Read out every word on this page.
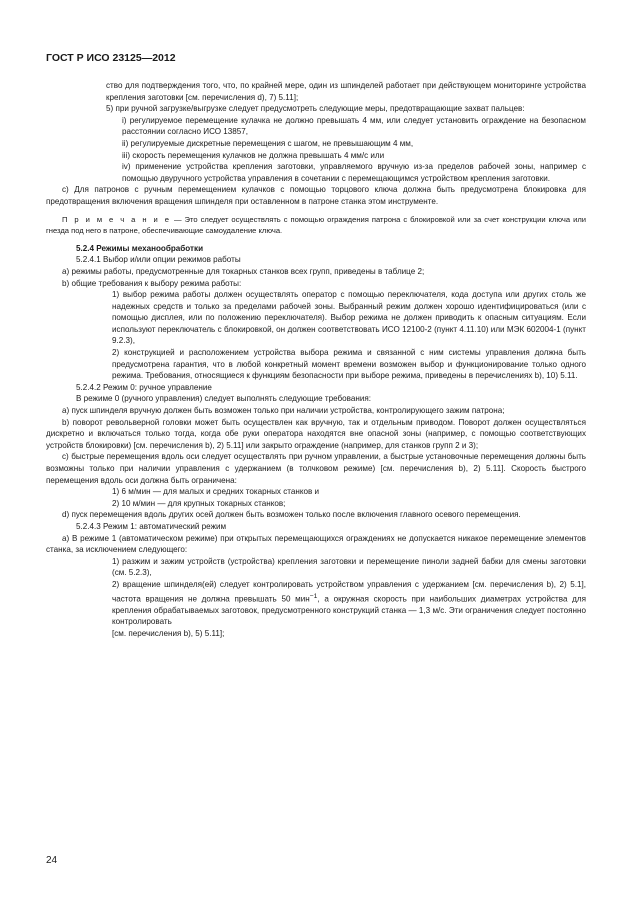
ГОСТ Р ИСО 23125—2012

ство для подтверждения того, что, по крайней мере, один из шпинделей работает при действующем мониторинге устройства крепления заготовки [см. перечисления d), 7) 5.11];

5) при ручной загрузке/выгрузке следует предусмотреть следующие меры, предотвращающие захват пальцев:

i) регулируемое перемещение кулачка не должно превышать 4 мм, или следует установить ограждение на безопасном расстоянии согласно ИСО 13857,

ii) регулируемые дискретные перемещения с шагом, не превышающим 4 мм,

iii) скорость перемещения кулачков не должна превышать 4 мм/с или

iv) применение устройства крепления заготовки, управляемого вручную из-за пределов рабочей зоны, например с помощью двуручного устройства управления в сочетании с перемещающимся устройством крепления заготовки.

c) Для патронов с ручным перемещением кулачков с помощью торцового ключа должна быть предусмотрена блокировка для предотвращения включения вращения шпинделя при оставленном в патроне станка этом инструменте.

П р и м е ч а н и е — Это следует осуществлять с помощью ограждения патрона с блокировкой или за счет конструкции ключа или гнезда под него в патроне, обеспечивающие самоудаление ключа.

5.2.4 Режимы механообработки

5.2.4.1 Выбор и/или опции режимов работы

a) режимы работы, предусмотренные для токарных станков всех групп, приведены в таблице 2;

b) общие требования к выбору режима работы:

1) выбор режима работы должен осуществлять оператор с помощью переключателя, кода доступа или других столь же надежных средств и только за пределами рабочей зоны. Выбранный режим должен хорошо идентифицироваться (или с помощью дисплея, или по положению переключателя). Выбор режима не должен приводить к опасным ситуациям. Если используют переключатель с блокировкой, он должен соответствовать ИСО 12100-2 (пункт 4.11.10) или МЭК 602004-1 (пункт 9.2.3),

2) конструкцией и расположением устройства выбора режима и связанной с ним системы управления должна быть предусмотрена гарантия, что в любой конкретный момент времени возможен выбор и функционирование только одного режима. Требования, относящиеся к функциям безопасности при выборе режима, приведены в перечислениях b), 10) 5.11.

5.2.4.2 Режим 0: ручное управление

В режиме 0 (ручного управления) следует выполнять следующие требования:

a) пуск шпинделя вручную должен быть возможен только при наличии устройства, контролирующего зажим патрона;

b) поворот револьверной головки может быть осуществлен как вручную, так и отдельным приводом. Поворот должен осуществляться дискретно и включаться только тогда, когда обе руки оператора находятся вне опасной зоны (например, с помощью соответствующих устройств блокировки) [см. перечисления b), 2) 5.11] или закрыто ограждение (например, для станков групп 2 и 3);

c) быстрые перемещения вдоль оси следует осуществлять при ручном управлении, а быстрые установочные перемещения должны быть возможны только при наличии управления с удержанием (в толчковом режиме) [см. перечисления b), 2) 5.11]. Скорость быстрого перемещения вдоль оси должна быть ограничена:

1) 6 м/мин — для малых и средних токарных станков и

2) 10 м/мин — для крупных токарных станков;

d) пуск перемещения вдоль других осей должен быть возможен только после включения главного осевого перемещения.

5.2.4.3 Режим 1: автоматический режим

a) В режиме 1 (автоматическом режиме) при открытых перемещающихся ограждениях не допускается никакое перемещение элементов станка, за исключением следующего:

1) разжим и зажим устройств (устройства) крепления заготовки и перемещение пиноли задней бабки для смены заготовки (см. 5.2.3),

2) вращение шпинделя(ей) следует контролировать устройством управления с удержанием [см. перечисления b), 2) 5.1], частота вращения не должна превышать 50 мин$^{-1}$, а окружная скорость при наибольших диаметрах устройства для крепления обрабатываемых заготовок, предусмотренного конструкций станка — 1,3 м/с. Эти ограничения следует постоянно контролировать

[см. перечисления b), 5) 5.11];

24
